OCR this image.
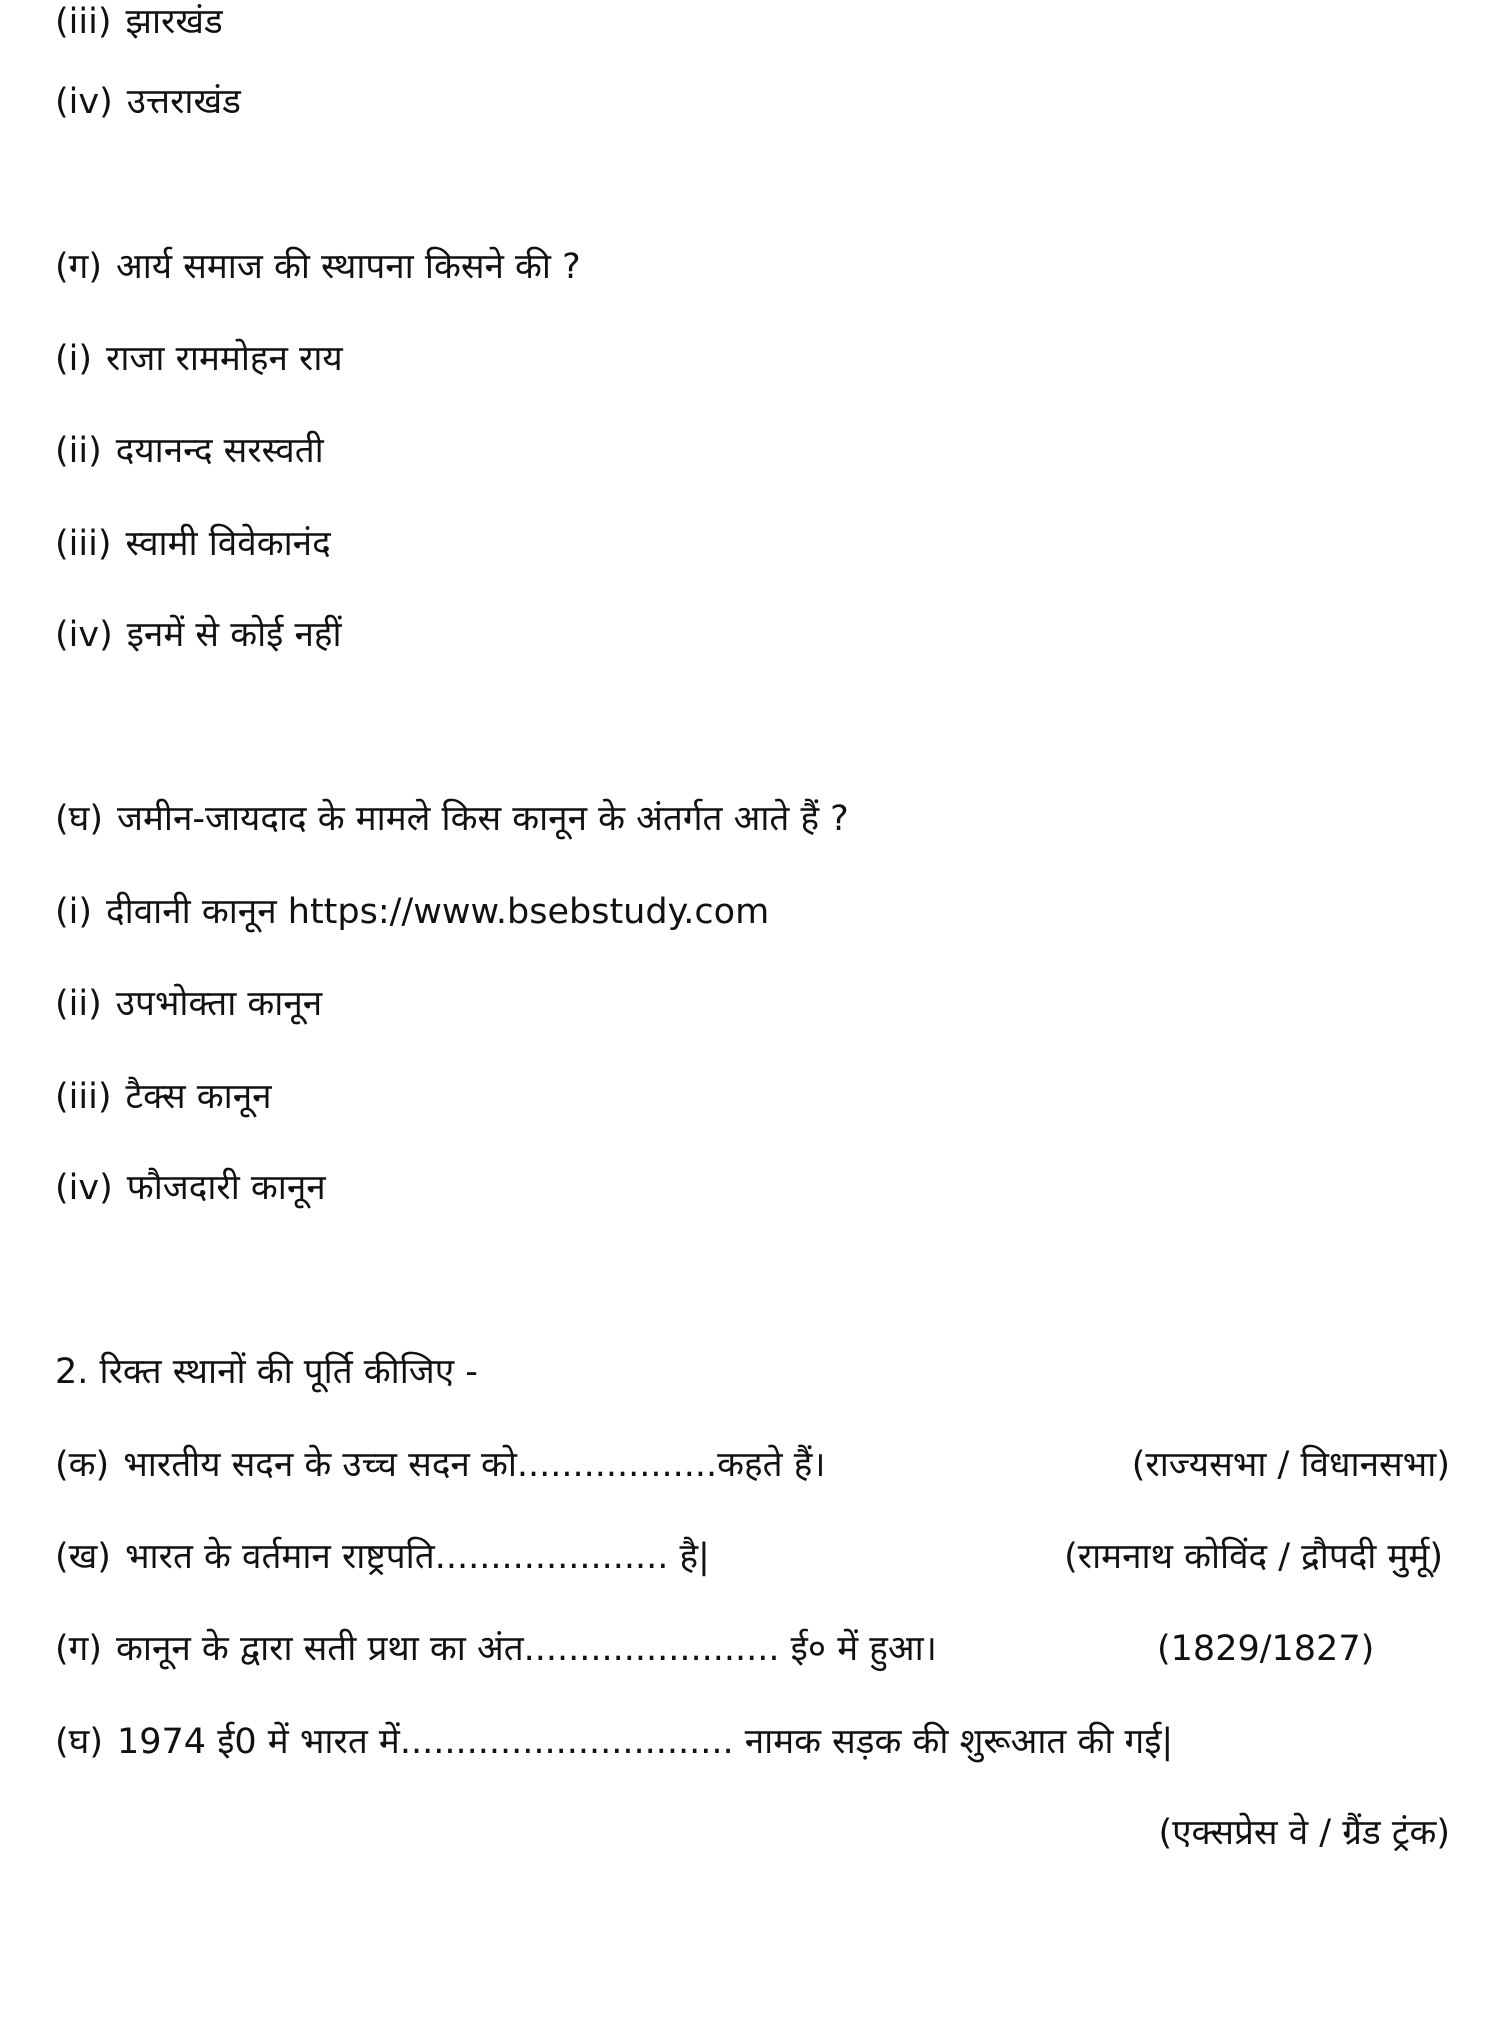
(iii) झारखंड
(iv) उत्तराखंड
(ग) आर्य समाज की स्थापना किसने की ?
(i) राजा राममोहन राय
(ii) दयानन्द सरस्वती
(iii) स्वामी विवेकानंद
(iv) इनमें से कोई नहीं
(घ) जमीन-जायदाद के मामले किस कानून के अंतर्गत आते हैं ?
(i) दीवानी कानून https://www.bsebstudy.com
(ii) उपभोक्ता कानून
(iii) टैक्स कानून
(iv) फौजदारी कानून
2. रिक्त स्थानों की पूर्ति कीजिए -
(क) भारतीय सदन के उच्च सदन को..................कहते हैं।	(राज्यसभा / विधानसभा)
(ख) भारत के वर्तमान राष्ट्रपति..................... है|	(रामनाथ कोविंद / द्रौपदी मुर्मू)
(ग) कानून के द्वारा सती प्रथा का अंत....................... ई० में हुआ।	(1829/1827)
(घ) 1974 ई0 में भारत में.............................. नामक सड़क की शुरूआत की गई|
(एक्सप्रेस वे / ग्रैंड ट्रंक)
